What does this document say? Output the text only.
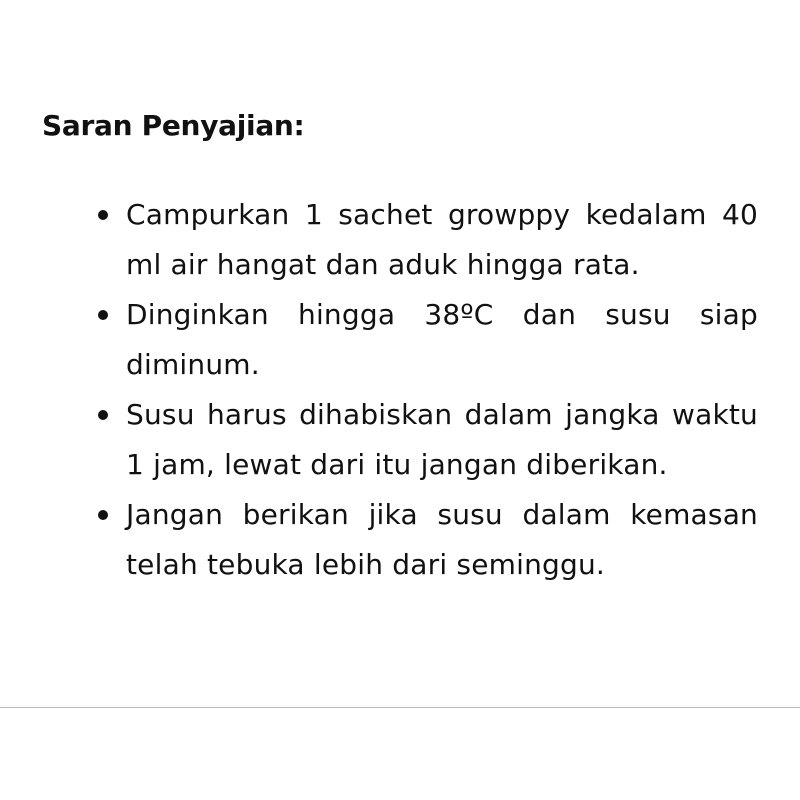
Saran Penyajian:
Campurkan 1 sachet growppy kedalam 40 ml air hangat dan aduk hingga rata.
Dinginkan hingga 38ºC dan susu siap diminum.
Susu harus dihabiskan dalam jangka waktu 1 jam, lewat dari itu jangan diberikan.
Jangan berikan jika susu dalam kemasan telah tebuka lebih dari seminggu.
